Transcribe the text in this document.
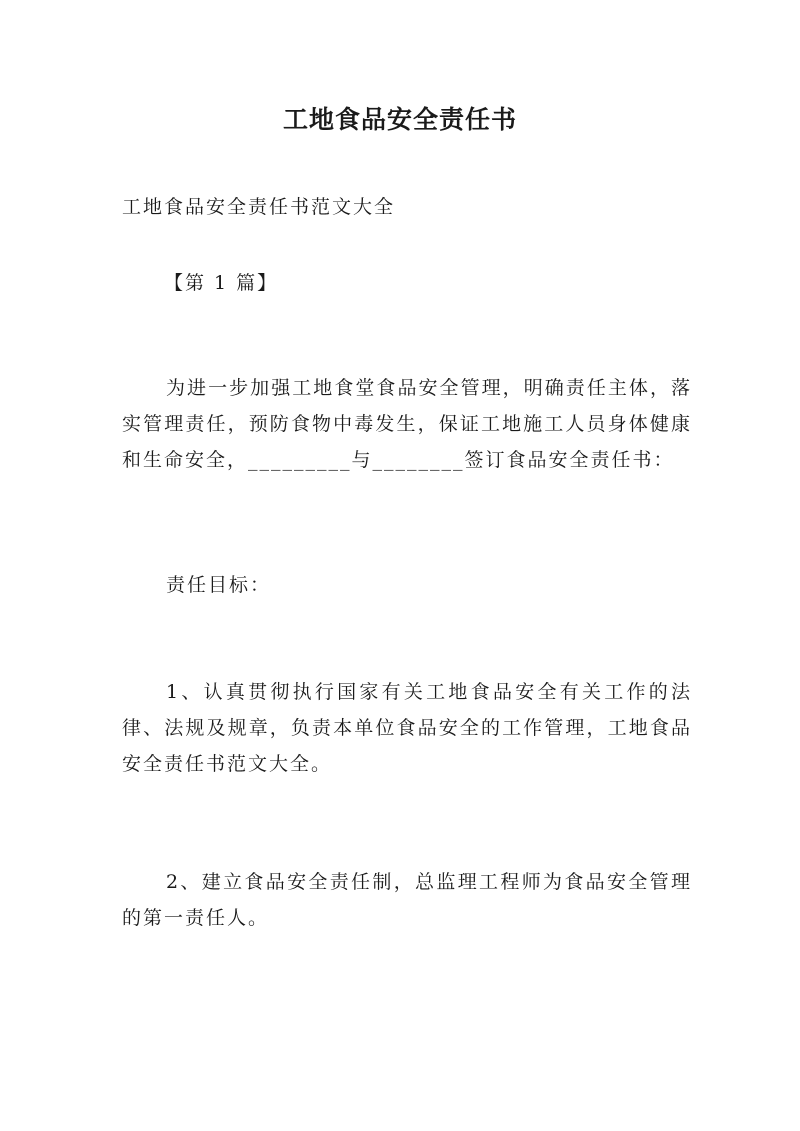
工地食品安全责任书
工地食品安全责任书范文大全
【第 1 篇】
为进一步加强工地食堂食品安全管理，明确责任主体，落实管理责任，预防食物中毒发生，保证工地施工人员身体健康和生命安全，_________与________签订食品安全责任书：
责任目标：
1、认真贯彻执行国家有关工地食品安全有关工作的法律、法规及规章，负责本单位食品安全的工作管理，工地食品安全责任书范文大全。
2、建立食品安全责任制，总监理工程师为食品安全管理的第一责任人。
